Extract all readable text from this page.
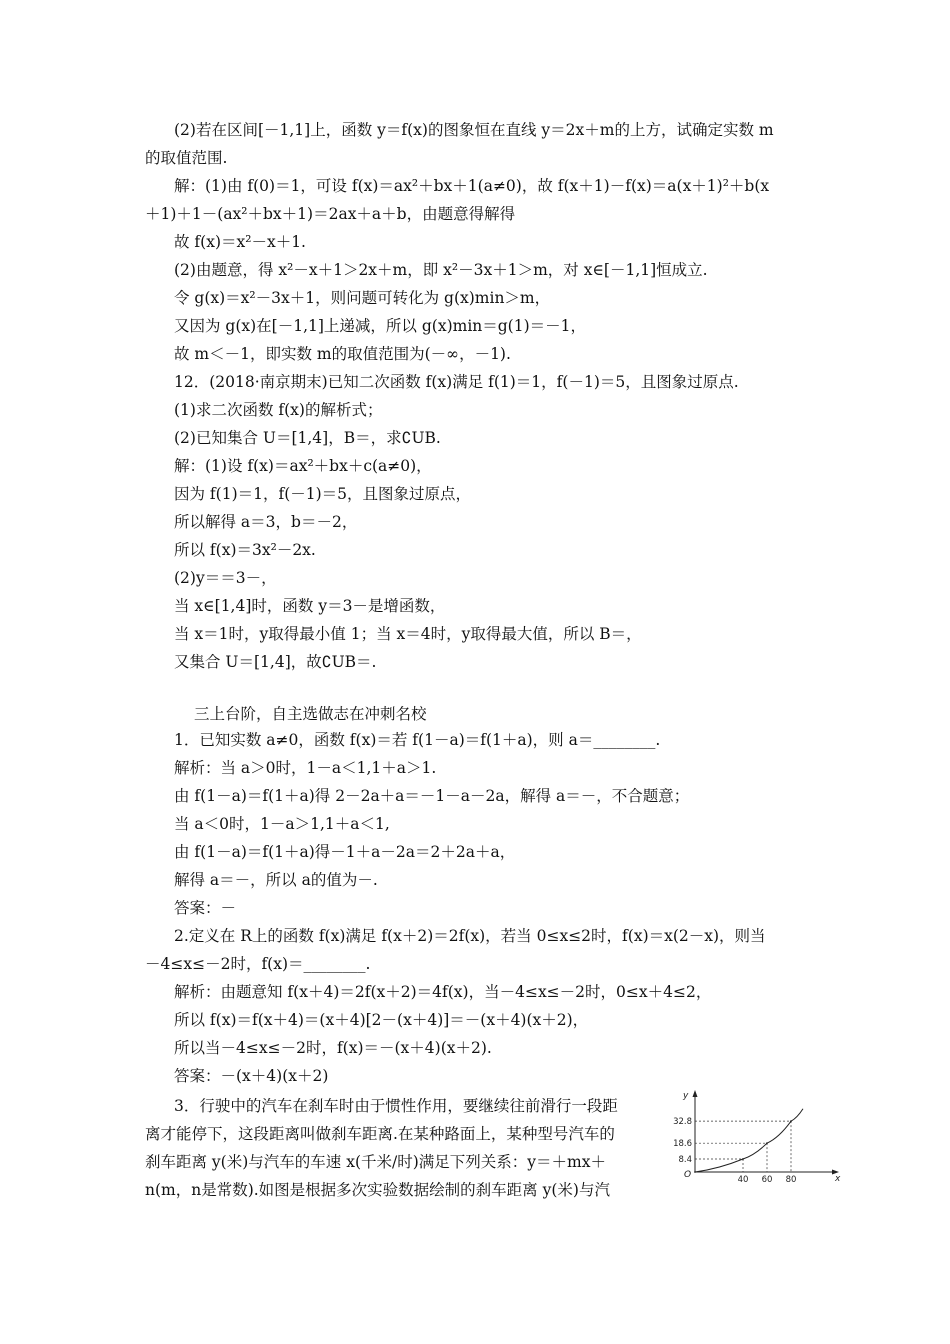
(2)若在区间[－1,1]上，函数 y＝f(x)的图象恒在直线 y＝2x＋m的上方，试确定实数 m
的取值范围.
解：(1)由 f(0)＝1，可设 f(x)＝ax²＋bx＋1(a≠0)，故 f(x＋1)－f(x)＝a(x＋1)²＋b(x
＋1)＋1－(ax²＋bx＋1)＝2ax＋a＋b，由题意得解得
故 f(x)＝x²－x＋1.
(2)由题意，得 x²－x＋1＞2x＋m，即 x²－3x＋1＞m，对 x∈[－1,1]恒成立.
令 g(x)＝x²－3x＋1，则问题可转化为 g(x)min＞m，
又因为 g(x)在[－1,1]上递减，所以 g(x)min＝g(1)＝－1，
故 m＜－1，即实数 m的取值范围为(－∞，－1).
12．(2018·南京期末)已知二次函数 f(x)满足 f(1)＝1，f(－1)＝5，且图象过原点.
(1)求二次函数 f(x)的解析式；
(2)已知集合 U＝[1,4]，B＝，求∁UB.
解：(1)设 f(x)＝ax²＋bx＋c(a≠0)，
因为 f(1)＝1，f(－1)＝5，且图象过原点，
所以解得 a＝3，b＝－2，
所以 f(x)＝3x²－2x.
(2)y＝＝3－，
当 x∈[1,4]时，函数 y＝3－是增函数，
当 x＝1时，y取得最小值 1；当 x＝4时，y取得最大值，所以 B＝，
又集合 U＝[1,4]，故∁UB＝.
三上台阶，自主选做志在冲刺名校
1．已知实数 a≠0，函数 f(x)＝若 f(1－a)＝f(1＋a)，则 a＝________.
解析：当 a＞0时，1－a＜1,1＋a＞1.
由 f(1－a)＝f(1＋a)得 2－2a＋a＝－1－a－2a，解得 a＝－，不合题意；
当 a＜0时，1－a＞1,1＋a＜1,
由 f(1－a)＝f(1＋a)得－1＋a－2a＝2＋2a＋a，
解得 a＝－，所以 a的值为－.
答案：－
2.定义在 R上的函数 f(x)满足 f(x＋2)＝2f(x)，若当 0≤x≤2时，f(x)＝x(2－x)，则当
－4≤x≤－2时，f(x)＝________.
解析：由题意知 f(x＋4)＝2f(x＋2)＝4f(x)，当－4≤x≤－2时，0≤x＋4≤2，
所以 f(x)＝f(x＋4)＝(x＋4)[2－(x＋4)]＝－(x＋4)(x＋2)，
所以当－4≤x≤－2时，f(x)＝－(x＋4)(x＋2).
答案：－(x＋4)(x＋2)

3．行驶中的汽车在刹车时由于惯性作用，要继续往前滑行一段距

离才能停下，这段距离叫做刹车距离.在某种路面上，某种型号汽车的

刹车距离 y(米)与汽车的车速 x(千米/时)满足下列关系：y＝＋mx＋

n(m，n是常数).如图是根据多次实验数据绘制的刹车距离 y(米)与汽

x
y
O
8.4
40
18.6
60
32.8
80
